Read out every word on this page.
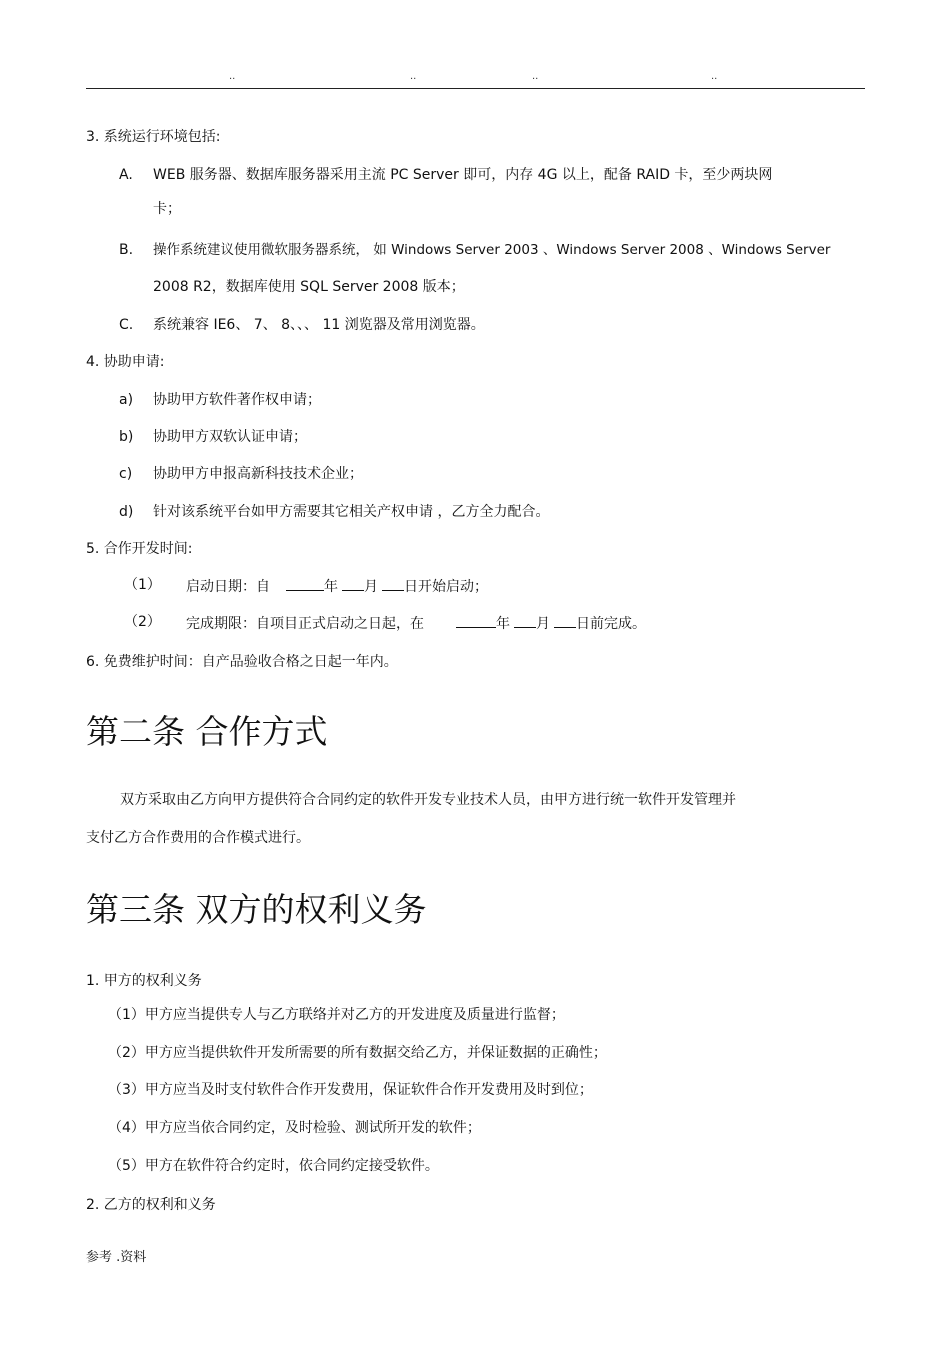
..	..	..	..
3. 系统运行环境包括:
A. WEB 服务器、数据库服务器采用主流 PC Server 即可，内存 4G 以上，配备 RAID 卡，至少两块网
卡；
B. 操作系统建议使用微软服务器系统， 如 Windows Server 2003 、Windows Server 2008 、Windows Server
2008 R2，数据库使用 SQL Server 2008 版本；
C. 系统兼容 IE6、 7、 8、、、 11 浏览器及常用浏览器。
4. 协助申请:
a) 协助甲方软件著作权申请；
b) 协助甲方双软认证申请；
c) 协助甲方申报高新科技技术企业；
d) 针对该系统平台如甲方需要其它相关产权申请 ，乙方全力配合。
5. 合作开发时间:
（1） 启动日期：自	年 月 日开始启动；
（2） 完成期限：自项目正式启动之日起，在	年 月 日前完成。
6. 免费维护时间：自产品验收合格之日起一年内。
第二条 合作方式
双方采取由乙方向甲方提供符合合同约定的软件开发专业技术人员，由甲方进行统一软件开发管理并
支付乙方合作费用的合作模式进行。
第三条 双方的权利义务
1. 甲方的权利义务
（1）甲方应当提供专人与乙方联络并对乙方的开发进度及质量进行监督；
（2）甲方应当提供软件开发所需要的所有数据交给乙方，并保证数据的正确性；
（3）甲方应当及时支付软件合作开发费用，保证软件合作开发费用及时到位；
（4）甲方应当依合同约定，及时检验、测试所开发的软件；
（5）甲方在软件符合约定时，依合同约定接受软件。
2. 乙方的权利和义务
参考 .资料
